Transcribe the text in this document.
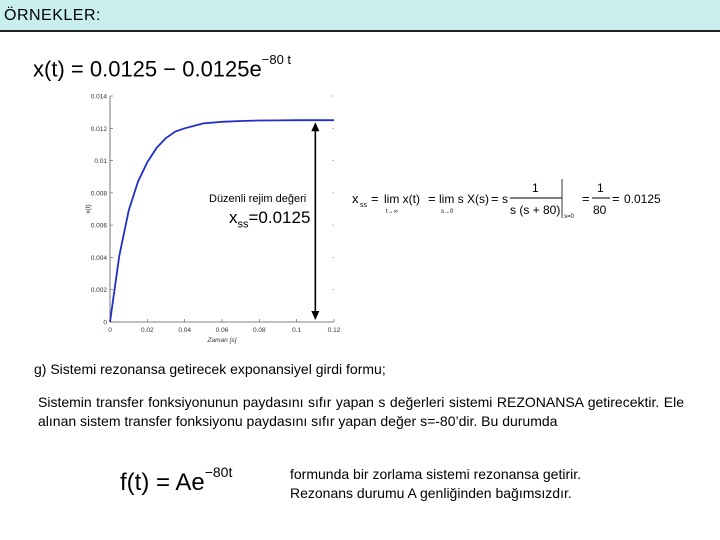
ÖRNEKLER:
$x(t) = 0.0125 - 0.0125e^{-80 t}$
0
0.002
0.004
0.006
0.008
0.01
0.012
0.014
0	0.02	0.04	0.06	0.08	0.1	0.12
Zaman [s]
x(t)
Düzenli rejim değeri
$x_{ss}=0.0125$
x ss = lim x(t)
t→∞
= lim s X(s)
s→0
= s
1
s (s + 80) s=0
=
1
80
= 0.0125
g) Sistemi rezonansa getirecek exponansiyel girdi formu;
Sistemin transfer fonksiyonunun paydasını sıfır yapan s değerleri sistemi REZONANSA getirecektir. Ele alınan sistem transfer fonksiyonu paydasını sıfır yapan değer s=-80’dir. Bu durumda
$f(t) = Ae^{-80t}$	formunda bir zorlama sistemi rezonansa getirir.
Rezonans durumu A genliğinden bağımsızdır.
